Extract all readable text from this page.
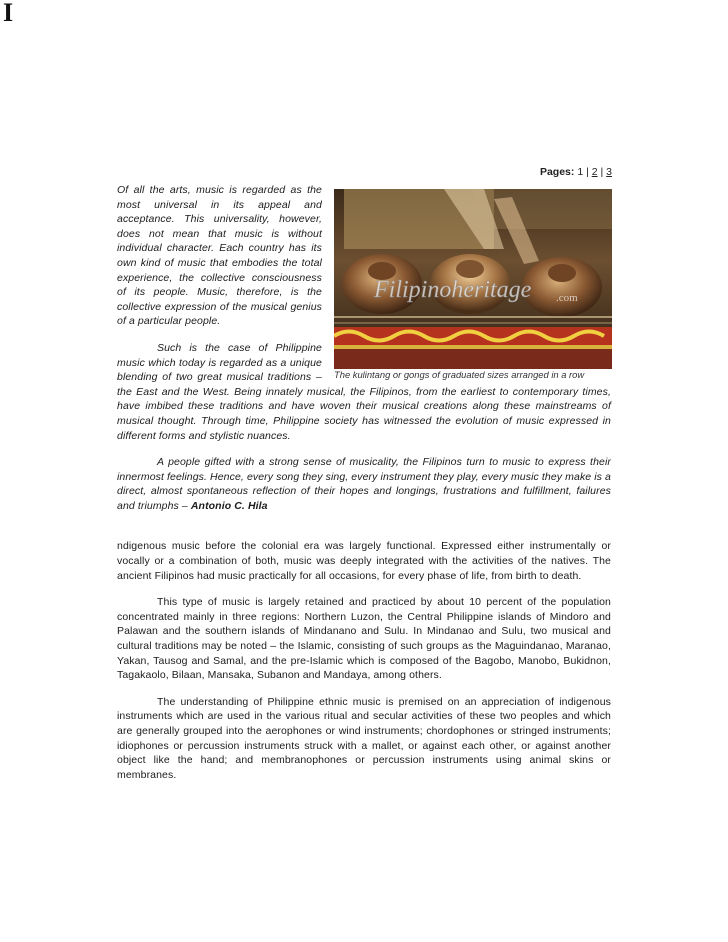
I
Pages: 1 | 2 | 3
Filipinoheritage .com
The kulintang or gongs of graduated sizes arranged in a row

Of all the arts, music is regarded as the most universal in its appeal and acceptance. This universality, however, does not mean that music is without individual character. Each country has its own kind of music that embodies the total experience, the collective consciousness of its people. Music, therefore, is the collective expression of the musical genius of a particular people.

Such is the case of Philippine music which today is regarded as a unique blending of two great musical traditions – the East and the West. Being innately musical, the Filipinos, from the earliest to contemporary times, have imbibed these traditions and have woven their musical creations along these mainstreams of musical thought. Through time, Philippine society has witnessed the evolution of music expressed in different forms and stylistic nuances.

A people gifted with a strong sense of musicality, the Filipinos turn to music to express their innermost feelings. Hence, every song they sing, every instrument they play, every music they make is a direct, almost spontaneous reflection of their hopes and longings, frustrations and fulfillment, failures and triumphs – Antonio C. Hila

ndigenous music before the colonial era was largely functional. Expressed either instrumentally or vocally or a combination of both, music was deeply integrated with the activities of the natives. The ancient Filipinos had music practically for all occasions, for every phase of life, from birth to death.

This type of music is largely retained and practiced by about 10 percent of the population concentrated mainly in three regions: Northern Luzon, the Central Philippine islands of Mindoro and Palawan and the southern islands of Mindanano and Sulu. In Mindanao and Sulu, two musical and cultural traditions may be noted – the Islamic, consisting of such groups as the Maguindanao, Maranao, Yakan, Tausog and Samal, and the pre-Islamic which is composed of the Bagobo, Manobo, Bukidnon, Tagakaolo, Bilaan, Mansaka, Subanon and Mandaya, among others.

The understanding of Philippine ethnic music is premised on an appreciation of indigenous instruments which are used in the various ritual and secular activities of these two peoples and which are generally grouped into the aerophones or wind instruments; chordophones or stringed instruments; idiophones or percussion instruments struck with a mallet, or against each other, or against another object like the hand; and membranophones or percussion instruments using animal skins or membranes.
